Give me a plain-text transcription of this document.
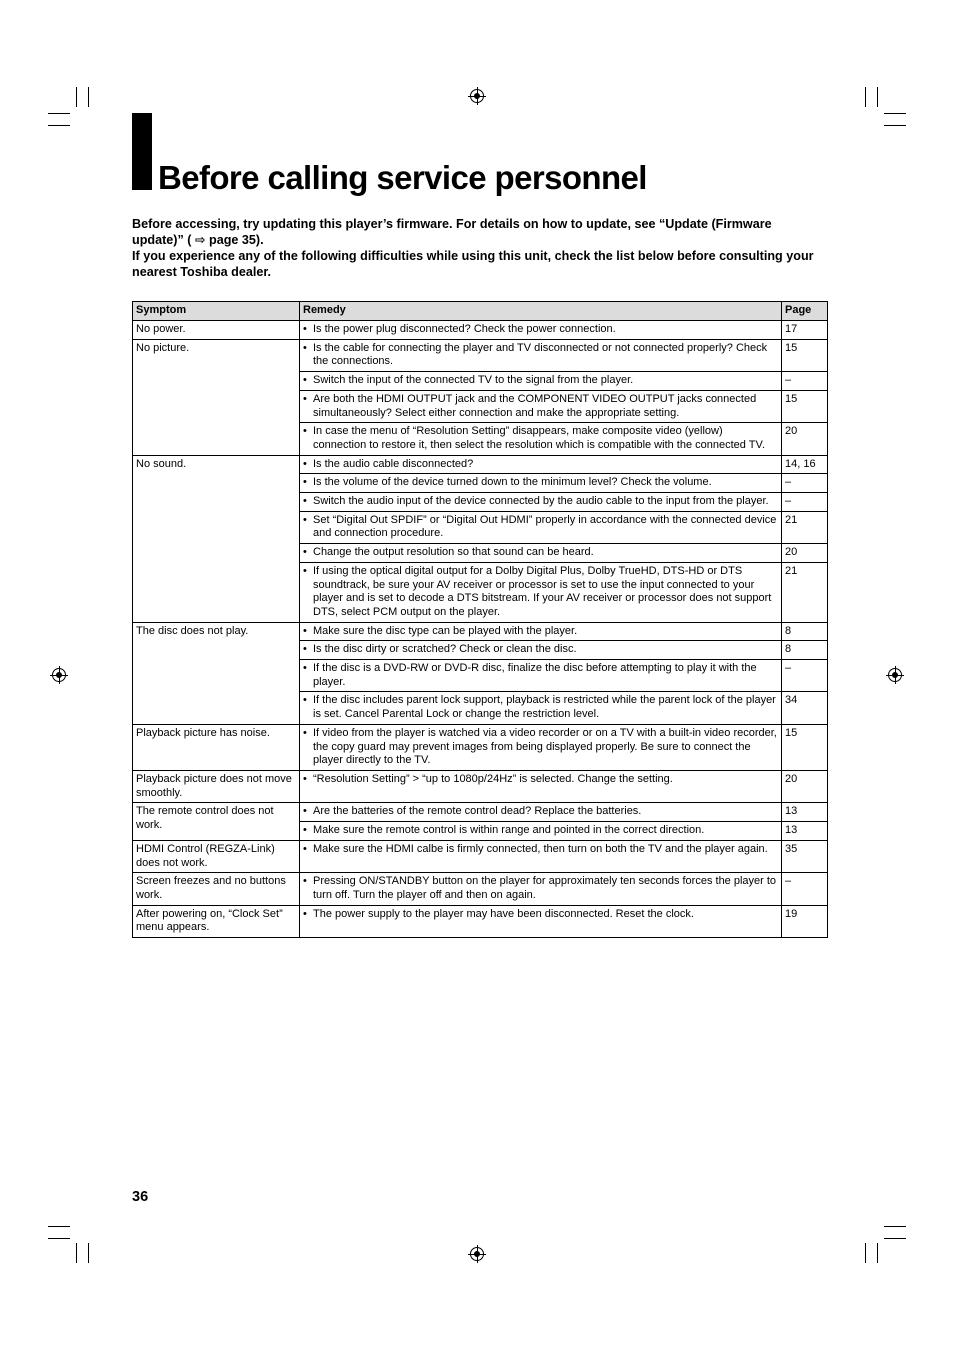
Before calling service personnel

Before accessing, try updating this player’s firmware. For details on how to update, see “Update (Firmware update)” ( ⇨ page 35).

If you experience any of the following difficulties while using this unit, check the list below before consulting your nearest Toshiba dealer.

Symptom	Remedy	Page
No power.	• Is the power plug disconnected? Check the power connection.	17
No picture.	• Is the cable for connecting the player and TV disconnected or not connected properly? Check the connections.	15

	• Switch the input of the connected TV to the signal from the player.	–

	• Are both the HDMI OUTPUT jack and the COMPONENT VIDEO OUTPUT jacks connected simultaneously? Select either connection and make the appropriate setting.	15

	• In case the menu of “Resolution Setting” disappears, make composite video (yellow) connection to restore it, then select the resolution which is compatible with the connected TV.	20
No sound.	• Is the audio cable disconnected?	14, 16

	• Is the volume of the device turned down to the minimum level? Check the volume.	–

	• Switch the audio input of the device connected by the audio cable to the input from the player.	–

	• Set “Digital Out SPDIF” or “Digital Out HDMI” properly in accordance with the connected device and connection procedure.	21

	• Change the output resolution so that sound can be heard.	20

	• If using the optical digital output for a Dolby Digital Plus, Dolby TrueHD, DTS-HD or DTS soundtrack, be sure your AV receiver or processor is set to use the input connected to your player and is set to decode a DTS bitstream. If your AV receiver or processor does not support DTS, select PCM output on the player.	21
The disc does not play.	• Make sure the disc type can be played with the player.	8

	• Is the disc dirty or scratched? Check or clean the disc.	8

	• If the disc is a DVD-RW or DVD-R disc, finalize the disc before attempting to play it with the player.	–

	• If the disc includes parent lock support, playback is restricted while the parent lock of the player is set. Cancel Parental Lock or change the restriction level.	34
Playback picture has noise.	• If video from the player is watched via a video recorder or on a TV with a built-in video recorder, the copy guard may prevent images from being displayed properly. Be sure to connect the player directly to the TV.	15
Playback picture does not move smoothly.	• “Resolution Setting” > “up to 1080p/24Hz” is selected. Change the setting.	20
The remote control does not work.	• Are the batteries of the remote control dead? Replace the batteries.	13

	• Make sure the remote control is within range and pointed in the correct direction.	13
HDMI Control (REGZA-Link) does not work.	• Make sure the HDMI calbe is firmly connected, then turn on both the TV and the player again.	35
Screen freezes and no buttons work.	• Pressing ON/STANDBY button on the player for approximately ten seconds forces the player to turn off. Turn the player off and then on again.	–
After powering on, “Clock Set” menu appears.	• The power supply to the player may have been disconnected. Reset the clock.	19

36
